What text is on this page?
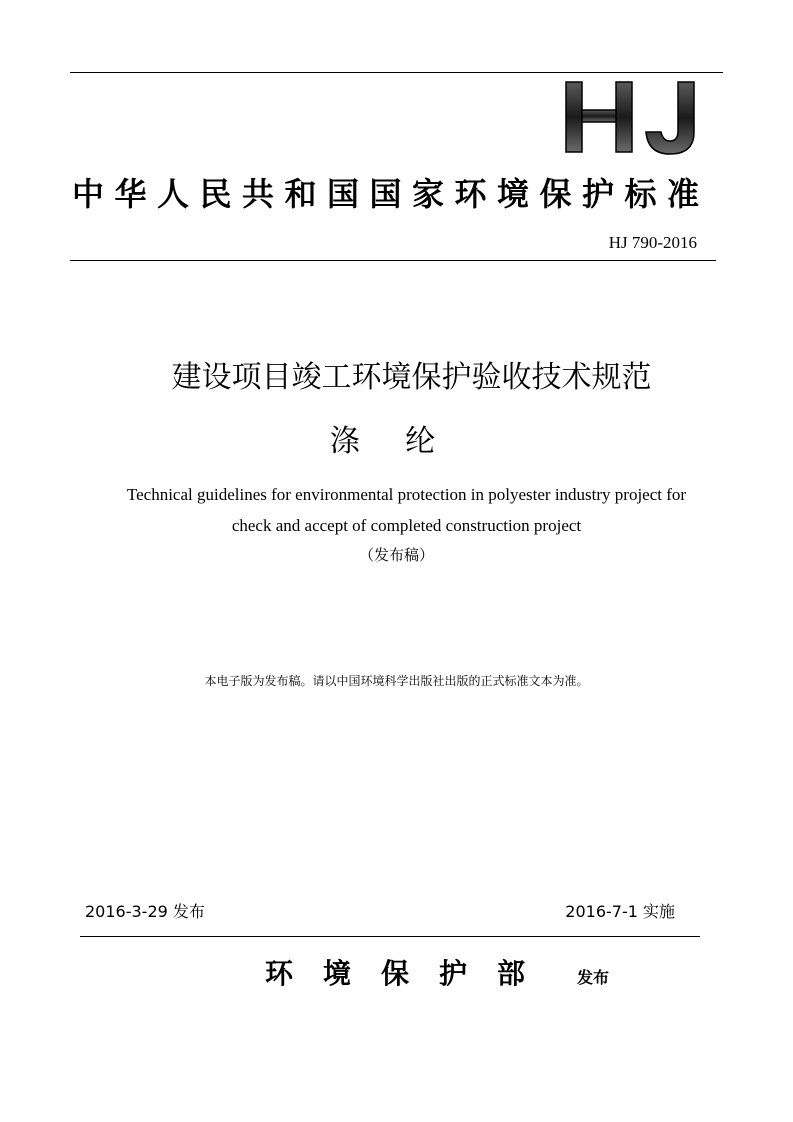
中华人民共和国国家环境保护标准
HJ 790-2016
建设项目竣工环境保护验收技术规范
涤 纶
Technical guidelines for environmental protection in polyester industry project for
check and accept of completed construction project
（发布稿）
本电子版为发布稿。请以中国环境科学出版社出版的正式标准文本为准。
2016-3-29 发布	2016-7-1 实施
环境保护部 发布
